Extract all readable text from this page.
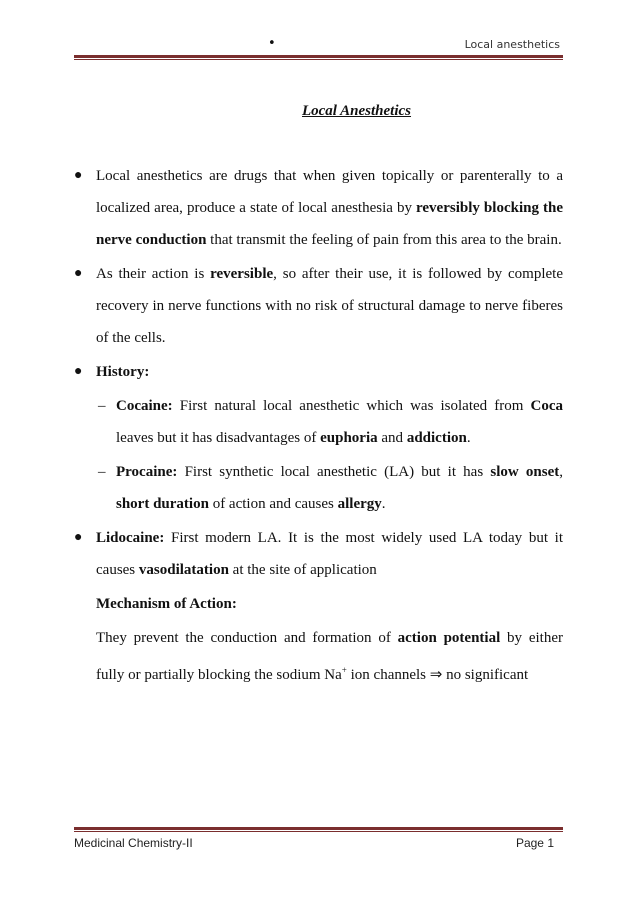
•	Local anesthetics
Local Anesthetics
● Local anesthetics are drugs that when given topically or parenterally to a localized area, produce a state of local anesthesia by reversibly blocking the nerve conduction that transmit the feeling of pain from this area to the brain.
● As their action is reversible, so after their use, it is followed by complete recovery in nerve functions with no risk of structural damage to nerve fiberes of the cells.
● History:
– Cocaine: First natural local anesthetic which was isolated from Coca leaves but it has disadvantages of euphoria and addiction.
– Procaine: First synthetic local anesthetic (LA) but it has slow onset, short duration of action and causes allergy.
● Lidocaine: First modern LA. It is the most widely used LA today but it causes vasodilatation at the site of application
Mechanism of Action:
They prevent the conduction and formation of action potential by either fully or partially blocking the sodium Na+ ion channels ⇒ no significant
Medicinal Chemistry-II	Page 1
